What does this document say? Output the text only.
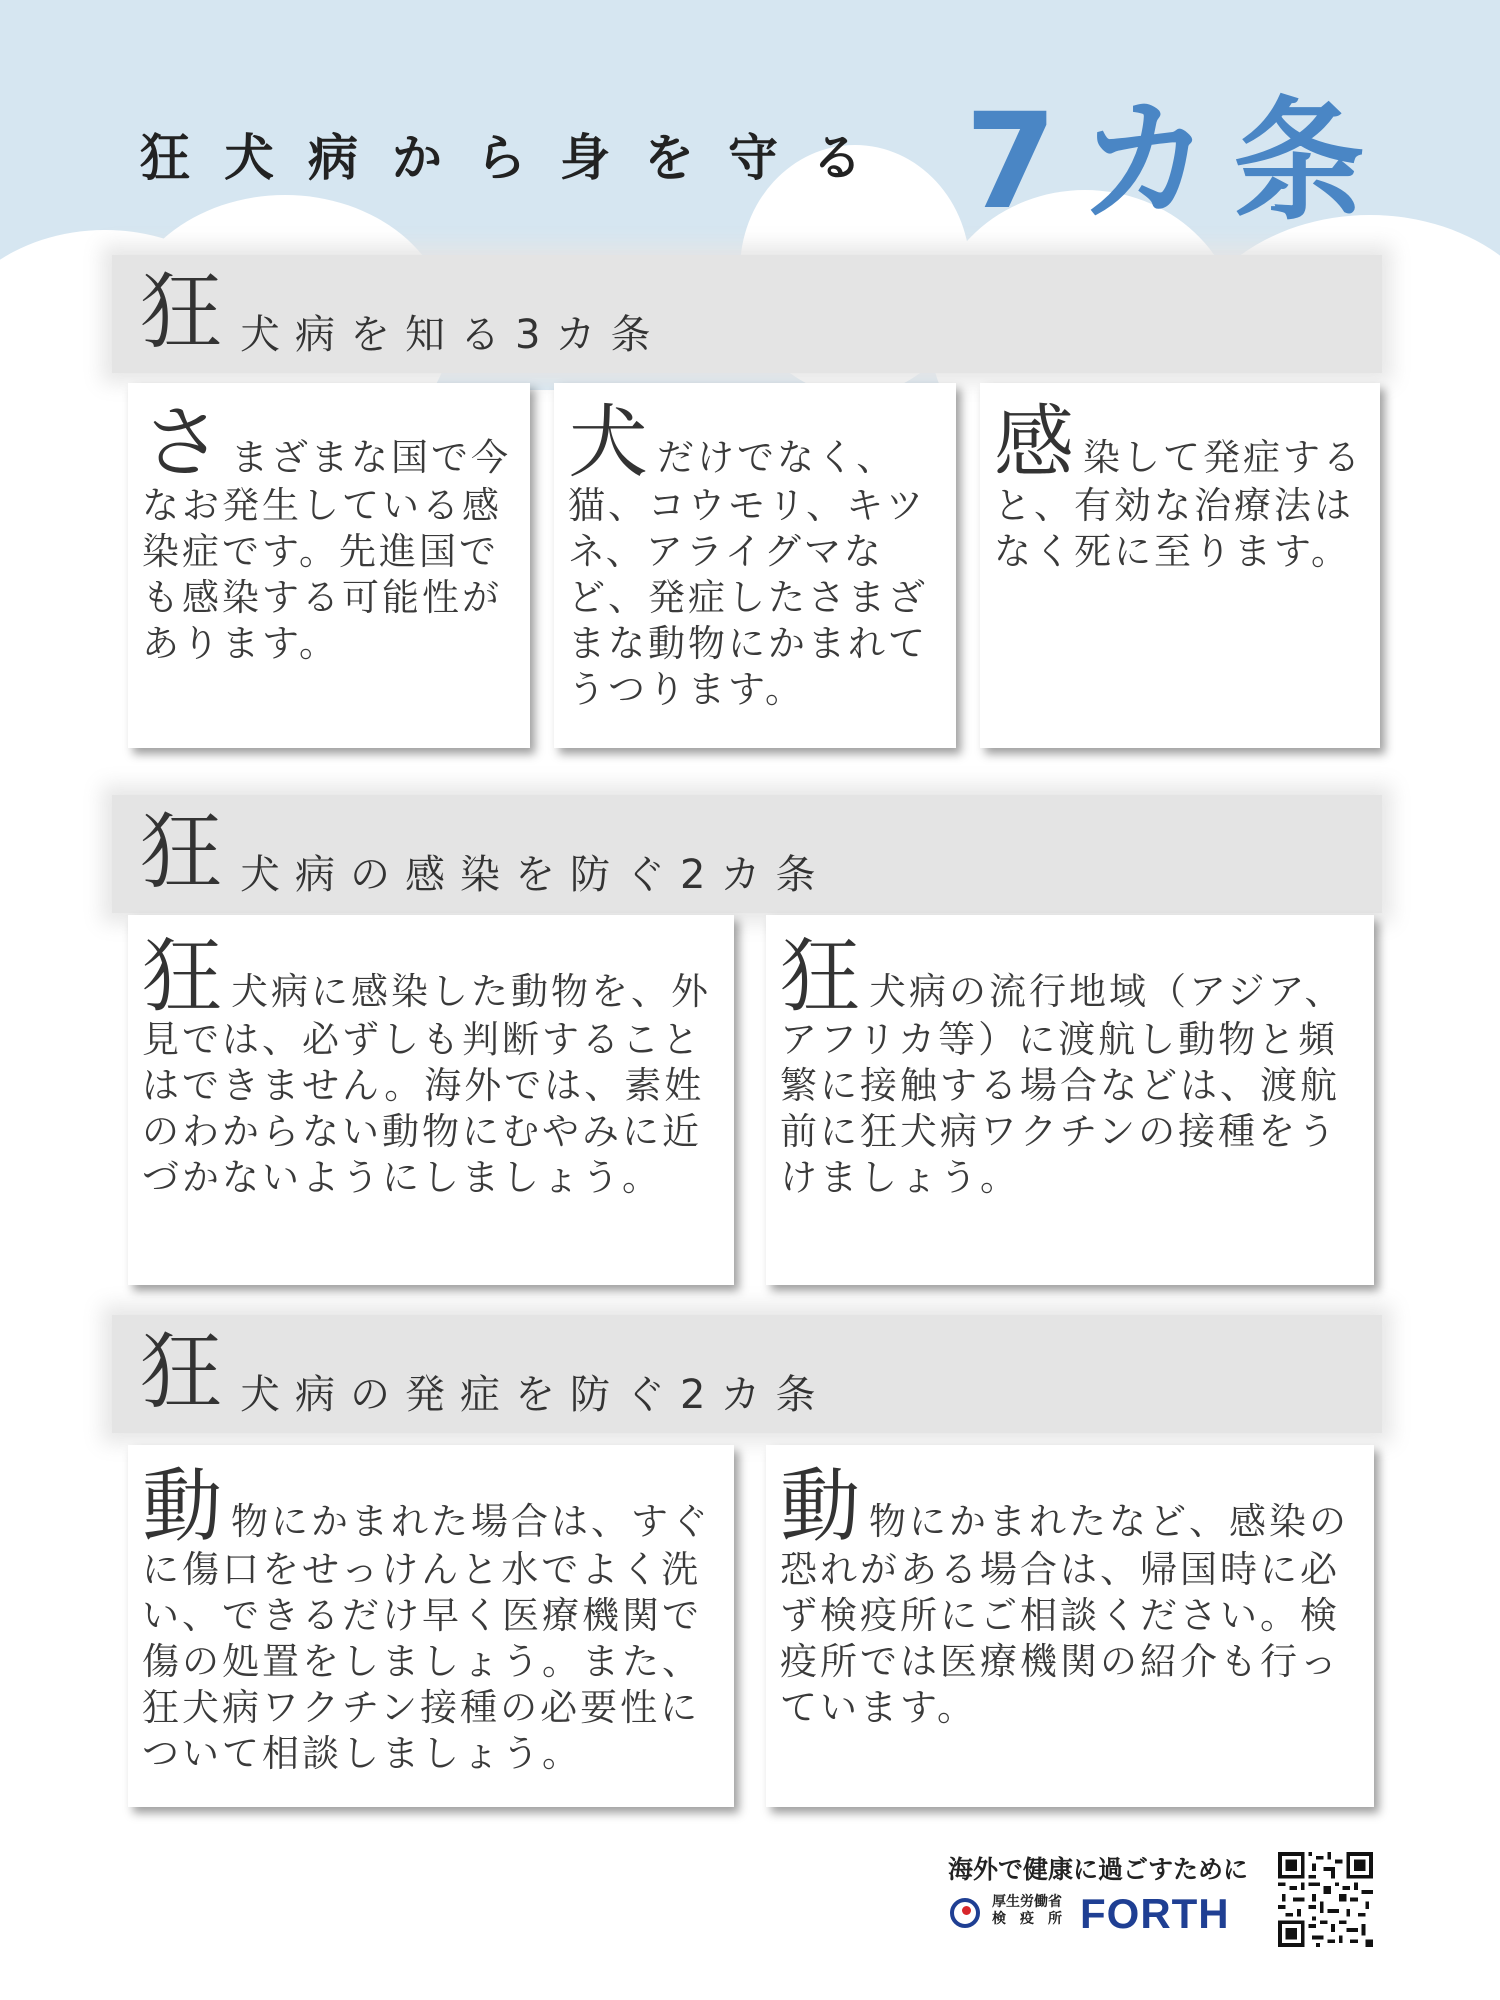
狂犬病から身を守る 7カ条
狂 犬病を知る3カ条
さまざまな国で今なお発生している感染症です。先進国でも感染する可能性があります。
犬だけでなく、猫、コウモリ、キツネ、アライグマなど、発症したさまざまな動物にかまれてうつります。
感染して発症すると、有効な治療法はなく死に至ります。
狂 犬病の感染を防ぐ2カ条
狂犬病に感染した動物を、外見では、必ずしも判断することはできません。海外では、素姓のわからない動物にむやみに近づかないようにしましょう。
狂犬病の流行地域（アジア、アフリカ等）に渡航し動物と頻繁に接触する場合などは、渡航前に狂犬病ワクチンの接種をうけましょう。
狂 犬病の発症を防ぐ2カ条
動物にかまれた場合は、すぐに傷口をせっけんと水でよく洗い、できるだけ早く医療機関で傷の処置をしましょう。また、狂犬病ワクチン接種の必要性について相談しましょう。
動物にかまれたなど、感染の恐れがある場合は、帰国時に必ず検疫所にご相談ください。検疫所では医療機関の紹介も行っています。
海外で健康に過ごすために
厚生労働省
検　疫　所 FORTH
